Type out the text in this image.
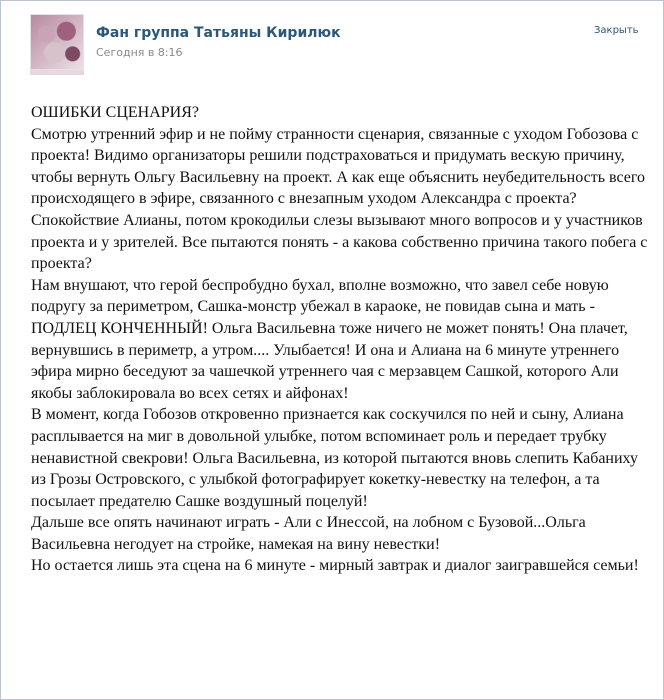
Фан группа Татьяны Кирилюк
Сегодня в 8:16
Закрыть

ОШИБКИ СЦЕНАРИЯ?

Смотрю утренний эфир и не пойму странности сценария, связанные с уходом Гобозова с проекта! Видимо организаторы решили подстраховаться и придумать вескую причину, чтобы вернуть Ольгу Васильевну на проект. А как еще объяснить неубедительность всего происходящего в эфире, связанного с внезапным уходом Александра с проекта?

Спокойствие Алианы, потом крокодильи слезы вызывают много вопросов и у участников проекта и у зрителей. Все пытаются понять - а какова собственно причина такого побега с проекта?

Нам внушают, что герой беспробудно бухал, вполне возможно, что завел себе новую подругу за периметром, Сашка-монстр убежал в караоке, не повидав сына и мать - ПОДЛЕЦ КОНЧЕННЫЙ! Ольга Васильевна тоже ничего не может понять! Она плачет, вернувшись в периметр, а утром.... Улыбается! И она и Алиана на 6 минуте утреннего эфира мирно беседуют за чашечкой утреннего чая с мерзавцем Сашкой, которого Али якобы заблокировала во всех сетях и айфонах!

В момент, когда Гобозов откровенно признается как соскучился по ней и сыну, Алиана расплывается на миг в довольной улыбке, потом вспоминает роль и передает трубку ненавистной свекрови! Ольга Васильевна, из которой пытаются вновь слепить Кабаниху из Грозы Островского, с улыбкой фотографирует кокетку-невестку на телефон, а та посылает предателю Сашке воздушный поцелуй!

Дальше все опять начинают играть - Али с Инессой, на лобном с Бузовой...Ольга Васильевна негодует на стройке, намекая на вину невестки!

Но остается лишь эта сцена на 6 минуте - мирный завтрак и диалог заигравшейся семьи!
